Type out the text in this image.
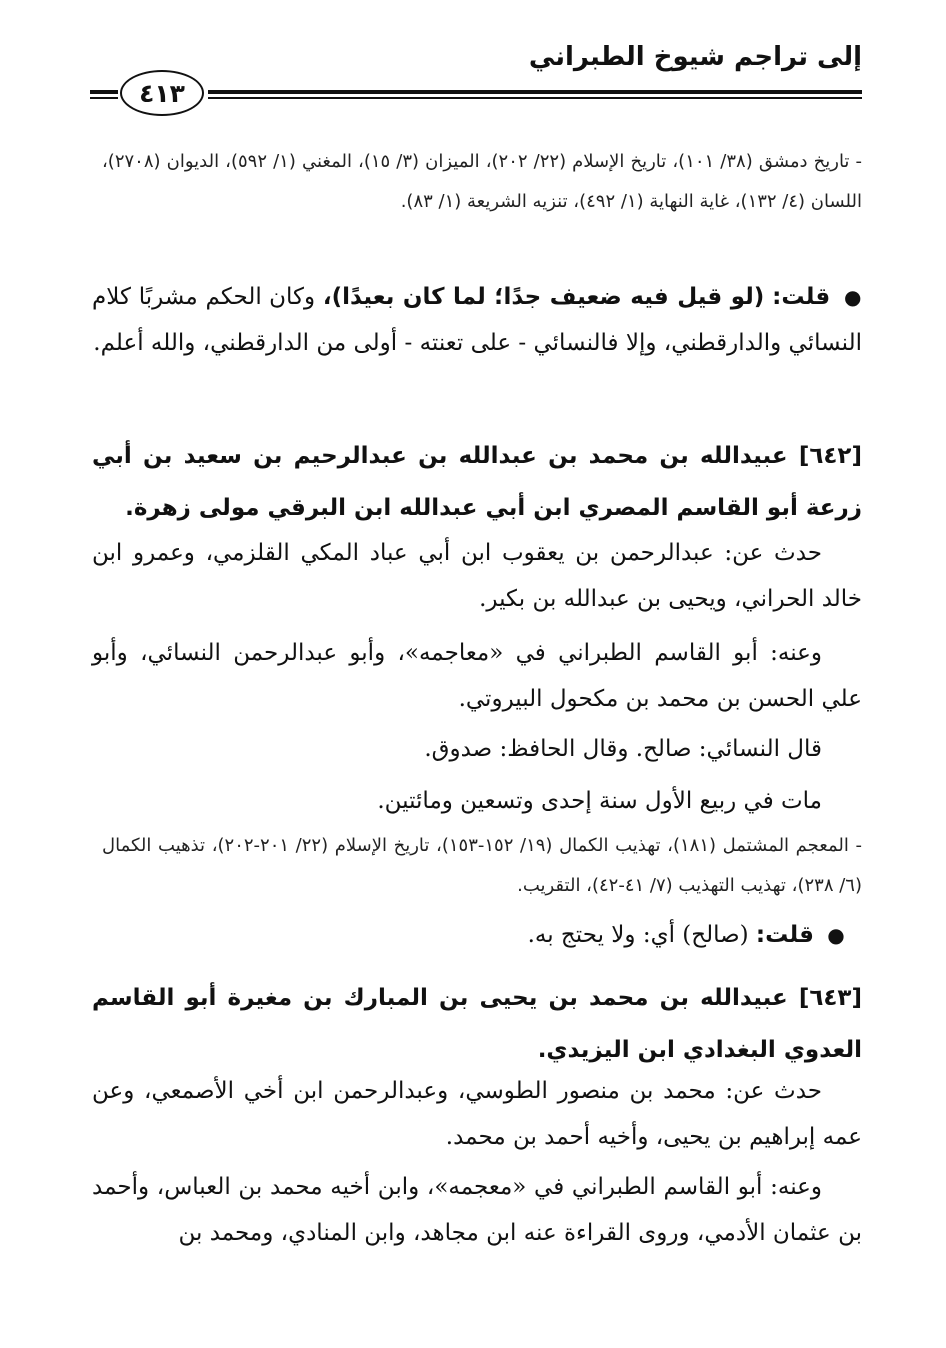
إلى تراجم شيوخ الطبراني
٤١٣
- تاريخ دمشق (٣٨/ ١٠١)، تاريخ الإسلام (٢٢/ ٢٠٢)، الميزان (٣/ ١٥)، المغني (١/ ٥٩٢)، الديوان (٢٧٠٨)، اللسان (٤/ ١٣٢)، غاية النهاية (١/ ٤٩٢)، تنزيه الشريعة (١/ ٨٣).
● قلت: (لو قيل فيه ضعيف جدًا؛ لما كان بعيدًا)، وكان الحكم مشربًا كلام النسائي والدارقطني، وإلا فالنسائي - على تعنته - أولى من الدارقطني، والله أعلم.
[٦٤٢] عبيدالله بن محمد بن عبدالله بن عبدالرحيم بن سعيد بن أبي زرعة أبو القاسم المصري ابن أبي عبدالله ابن البرقي مولى زهرة.
حدث عن: عبدالرحمن بن يعقوب ابن أبي عباد المكي القلزمي، وعمرو ابن خالد الحراني، ويحيى بن عبدالله بن بكير.
وعنه: أبو القاسم الطبراني في «معاجمه»، وأبو عبدالرحمن النسائي، وأبو علي الحسن بن محمد بن مكحول البيروتي.
قال النسائي: صالح. وقال الحافظ: صدوق.
مات في ربيع الأول سنة إحدى وتسعين ومائتين.
- المعجم المشتمل (١٨١)، تهذيب الكمال (١٩/ ١٥٢-١٥٣)، تاريخ الإسلام (٢٢/ ٢٠١-٢٠٢)، تذهيب الكمال (٦/ ٢٣٨)، تهذيب التهذيب (٧/ ٤١-٤٢)، التقريب.
● قلت: (صالح) أي: ولا يحتج به.
[٦٤٣] عبيدالله بن محمد بن يحيى بن المبارك بن مغيرة أبو القاسم العدوي البغدادي ابن اليزيدي.
حدث عن: محمد بن منصور الطوسي، وعبدالرحمن ابن أخي الأصمعي، وعن عمه إبراهيم بن يحيى، وأخيه أحمد بن محمد.
وعنه: أبو القاسم الطبراني في «معجمه»، وابن أخيه محمد بن العباس، وأحمد بن عثمان الأدمي، وروى القراءة عنه ابن مجاهد، وابن المنادي، ومحمد بن
